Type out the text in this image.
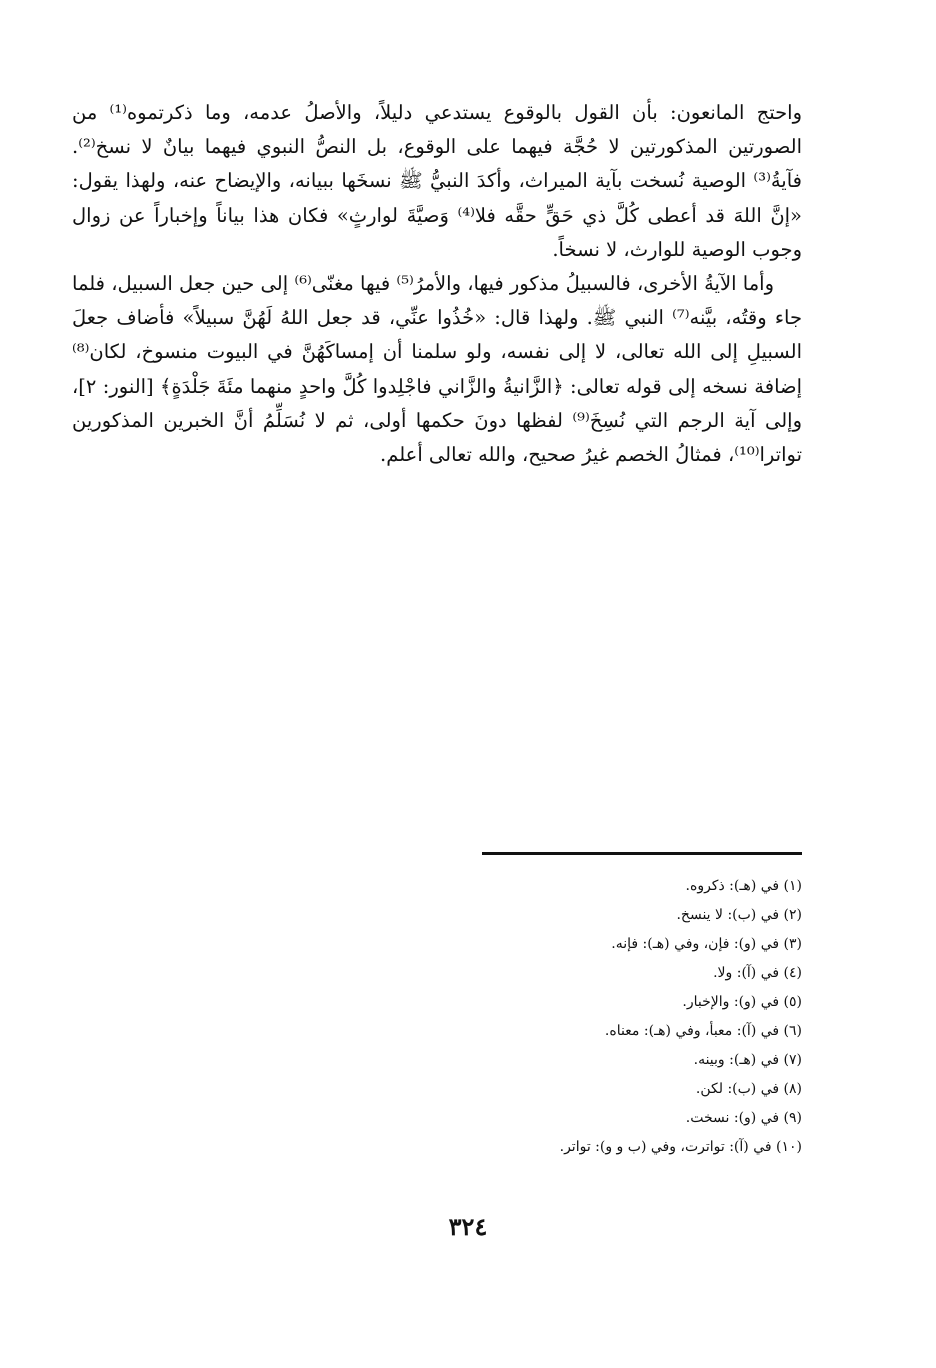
واحتج المانعون: بأن القول بالوقوع يستدعي دليلاً، والأصلُ عدمه، وما ذكرتموه⁽¹⁾ من الصورتين المذكورتين لا حُجَّة فيهما على الوقوع، بل النصُّ النبوي فيهما بيانٌ لا نسخ⁽²⁾. فآيةُ⁽³⁾ الوصية نُسخت بآية الميراث، وأكدَ النبيُّ ﷺ نسخَها ببيانه، والإيضاح عنه، ولهذا يقول: «إنَّ اللهَ قد أعطى كُلَّ ذي حَقٍّ حقَّه فلا⁽⁴⁾ وَصيَّةَ لوارثٍ» فكان هذا بياناً وإخباراً عن زوال وجوب الوصية للوارث، لا نسخاً.

وأما الآيةُ الأخرى، فالسبيلُ مذكور فيها، والأمرُ⁽⁵⁾ فيها مغنّى⁽⁶⁾ إلى حين جعل السبيل، فلما جاء وقتُه، بيَّنه⁽⁷⁾ النبي ﷺ. ولهذا قال: «خُذُوا عنِّي، قد جعل اللهُ لَهُنَّ سبيلاً» فأضاف جعلَ السبيلِ إلى الله تعالى، لا إلى نفسه، ولو سلمنا أن إمساكَهُنَّ في البيوت منسوخ، لكان⁽⁸⁾ إضافة نسخه إلى قوله تعالى: ﴿الزَّانيةُ والزَّاني فاجْلِدوا كُلَّ واحدٍ منهما مئَةَ جَلْدَةٍ﴾ [النور: ٢]، وإلى آية الرجم التي نُسِخَ⁽⁹⁾ لفظها دونَ حكمها أولى، ثم لا نُسَلِّمُ أنَّ الخبرين المذكورين تواترا⁽¹⁰⁾، فمثالُ الخصم غيرُ صحيح، والله تعالى أعلم.

(١) في (هـ): ذكروه.
(٢) في (ب): لا ينسخ.
(٣) في (و): فإن، وفي (هـ): فإنه.
(٤) في (آ): ولا.
(٥) في (و): والإخبار.
(٦) في (آ): معبأ، وفي (هـ): معناه.
(٧) في (هـ): وبينه.
(٨) في (ب): لكن.
(٩) في (و): نسخت.
(١٠) في (آ): تواترت، وفي (ب و و): تواتر.
٣٢٤
